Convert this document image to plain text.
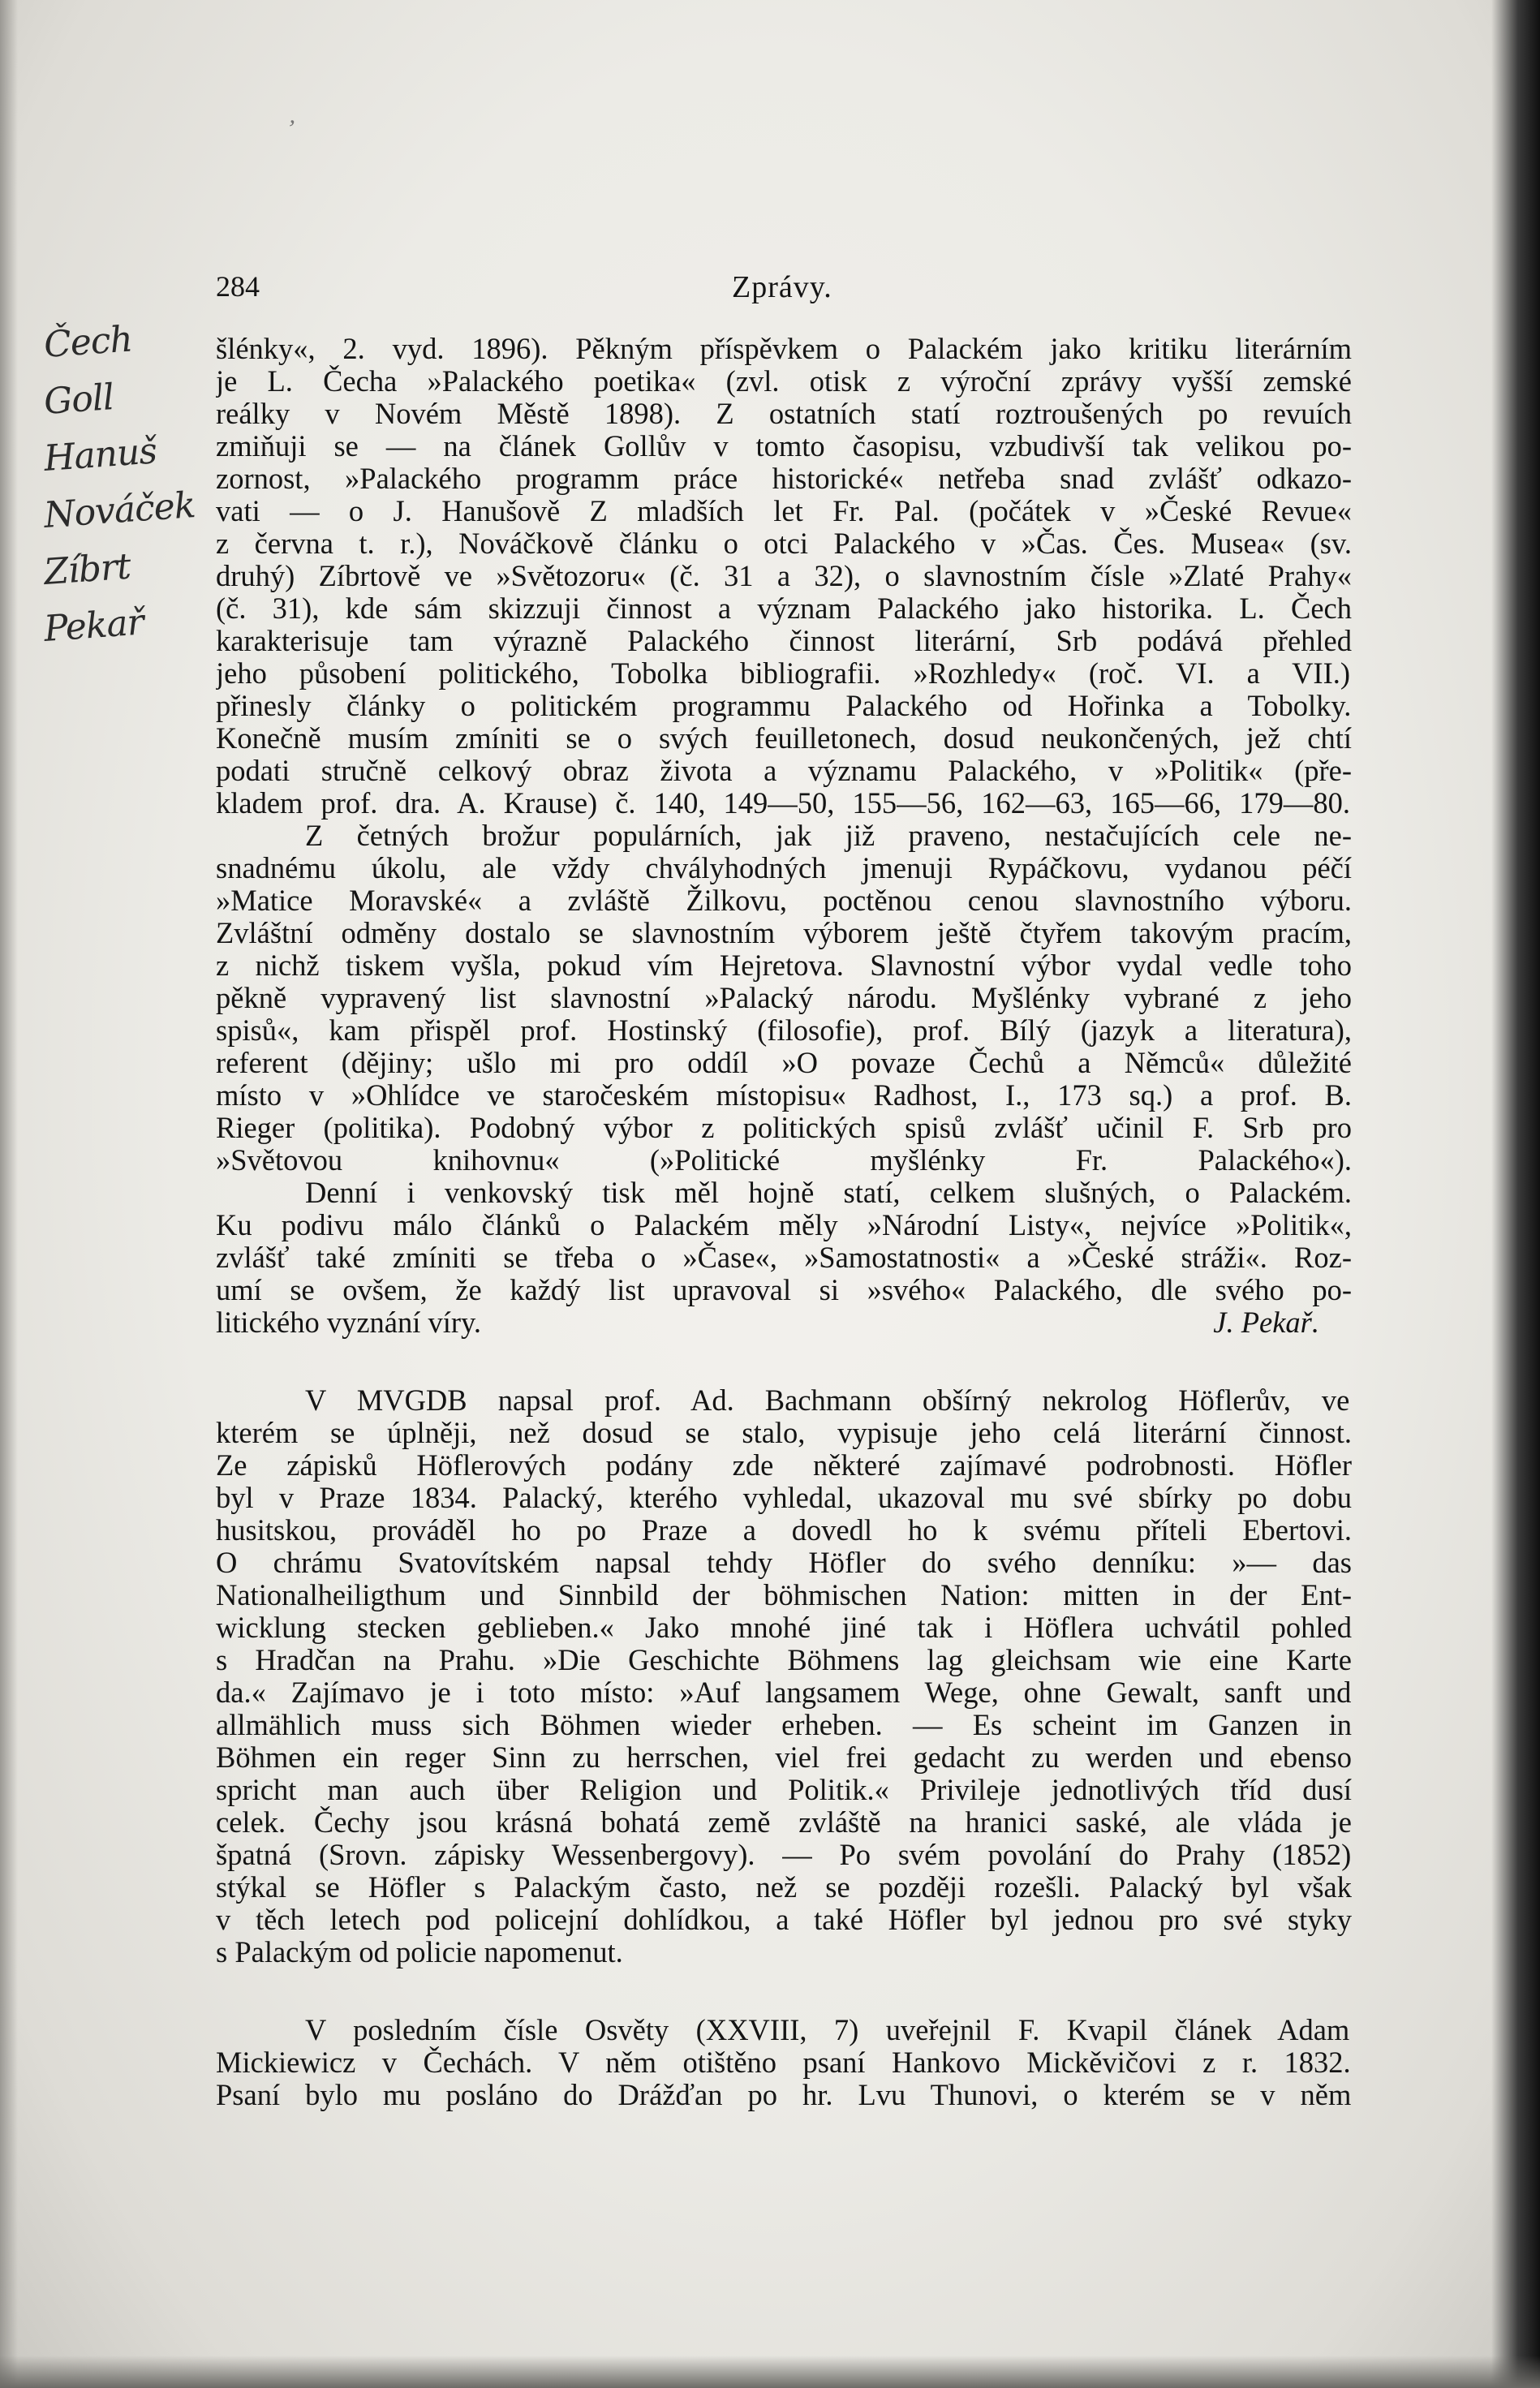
’
284	Zprávy.
Čech
Goll
Hanuš
Nováček
Zíbrt
Pekař
šlénky«, 2. vyd. 1896). Pěkným příspěvkem o Palackém jako kritiku literárním
je L. Čecha »Palackého poetika« (zvl. otisk z výroční zprávy vyšší zemské
reálky v Novém Městě 1898). Z ostatních statí roztroušených po revuích
zmiňuji se — na článek Gollův v tomto časopisu, vzbudivší tak velikou po-
zornost, »Palackého programm práce historické« netřeba snad zvlášť odkazo-
vati — o J. Hanušově Z mladších let Fr. Pal. (počátek v »České Revue«
z června t. r.), Nováčkově článku o otci Palackého v »Čas. Čes. Musea« (sv.
druhý) Zíbrtově ve »Světozoru« (č. 31 a 32), o slavnostním čísle »Zlaté Prahy«
(č. 31), kde sám skizzuji činnost a význam Palackého jako historika. L. Čech
karakterisuje tam výrazně Palackého činnost literární, Srb podává přehled
jeho působení politického, Tobolka bibliografii. »Rozhledy« (roč. VI. a VII.)
přinesly články o politickém programmu Palackého od Hořinka a Tobolky.
Konečně musím zmíniti se o svých feuilletonech, dosud neukončených, jež chtí
podati stručně celkový obraz života a významu Palackého, v »Politik« (pře-
kladem prof. dra. A. Krause) č. 140, 149—50, 155—56, 162—63, 165—66, 179—80.
Z četných brožur populárních, jak již praveno, nestačujících cele ne-
snadnému úkolu, ale vždy chvályhodných jmenuji Rypáčkovu, vydanou péčí
»Matice Moravské« a zvláště Žilkovu, poctěnou cenou slavnostního výboru.
Zvláštní odměny dostalo se slavnostním výborem ještě čtyřem takovým pracím,
z nichž tiskem vyšla, pokud vím Hejretova. Slavnostní výbor vydal vedle toho
pěkně vypravený list slavnostní »Palacký národu. Myšlénky vybrané z jeho
spisů«, kam přispěl prof. Hostinský (filosofie), prof. Bílý (jazyk a literatura),
referent (dějiny; ušlo mi pro oddíl »O povaze Čechů a Němců« důležité
místo v »Ohlídce ve staročeském místopisu« Radhost, I., 173 sq.) a prof. B.
Rieger (politika). Podobný výbor z politických spisů zvlášť učinil F. Srb pro
»Světovou knihovnu« (»Politické myšlénky Fr. Palackého«).
Denní i venkovský tisk měl hojně statí, celkem slušných, o Palackém.
Ku podivu málo článků o Palackém měly »Národní Listy«, nejvíce »Politik«,
zvlášť také zmíniti se třeba o »Čase«, »Samostatnosti« a »České stráži«. Roz-
umí se ovšem, že každý list upravoval si »svého« Palackého, dle svého po-
litického vyznání víry.	J. Pekař.
V MVGDB napsal prof. Ad. Bachmann obšírný nekrolog Höflerův, ve
kterém se úplněji, než dosud se stalo, vypisuje jeho celá literární činnost.
Ze zápisků Höflerových podány zde některé zajímavé podrobnosti. Höfler
byl v Praze 1834. Palacký, kterého vyhledal, ukazoval mu své sbírky po dobu
husitskou, prováděl ho po Praze a dovedl ho k svému příteli Ebertovi.
O chrámu Svatovítském napsal tehdy Höfler do svého denníku: »— das
Nationalheiligthum und Sinnbild der böhmischen Nation: mitten in der Ent-
wicklung stecken geblieben.« Jako mnohé jiné tak i Höflera uchvátil pohled
s Hradčan na Prahu. »Die Geschichte Böhmens lag gleichsam wie eine Karte
da.« Zajímavo je i toto místo: »Auf langsamem Wege, ohne Gewalt, sanft und
allmählich muss sich Böhmen wieder erheben. — Es scheint im Ganzen in
Böhmen ein reger Sinn zu herrschen, viel frei gedacht zu werden und ebenso
spricht man auch über Religion und Politik.« Privileje jednotlivých tříd dusí
celek. Čechy jsou krásná bohatá země zvláště na hranici saské, ale vláda je
špatná (Srovn. zápisky Wessenbergovy). — Po svém povolání do Prahy (1852)
stýkal se Höfler s Palackým často, než se později rozešli. Palacký byl však
v těch letech pod policejní dohlídkou, a také Höfler byl jednou pro své styky
s Palackým od policie napomenut.
V posledním čísle Osvěty (XXVIII, 7) uveřejnil F. Kvapil článek Adam
Mickiewicz v Čechách. V něm otištěno psaní Hankovo Mickěvičovi z r. 1832.
Psaní bylo mu posláno do Drážďan po hr. Lvu Thunovi, o kterém se v něm
